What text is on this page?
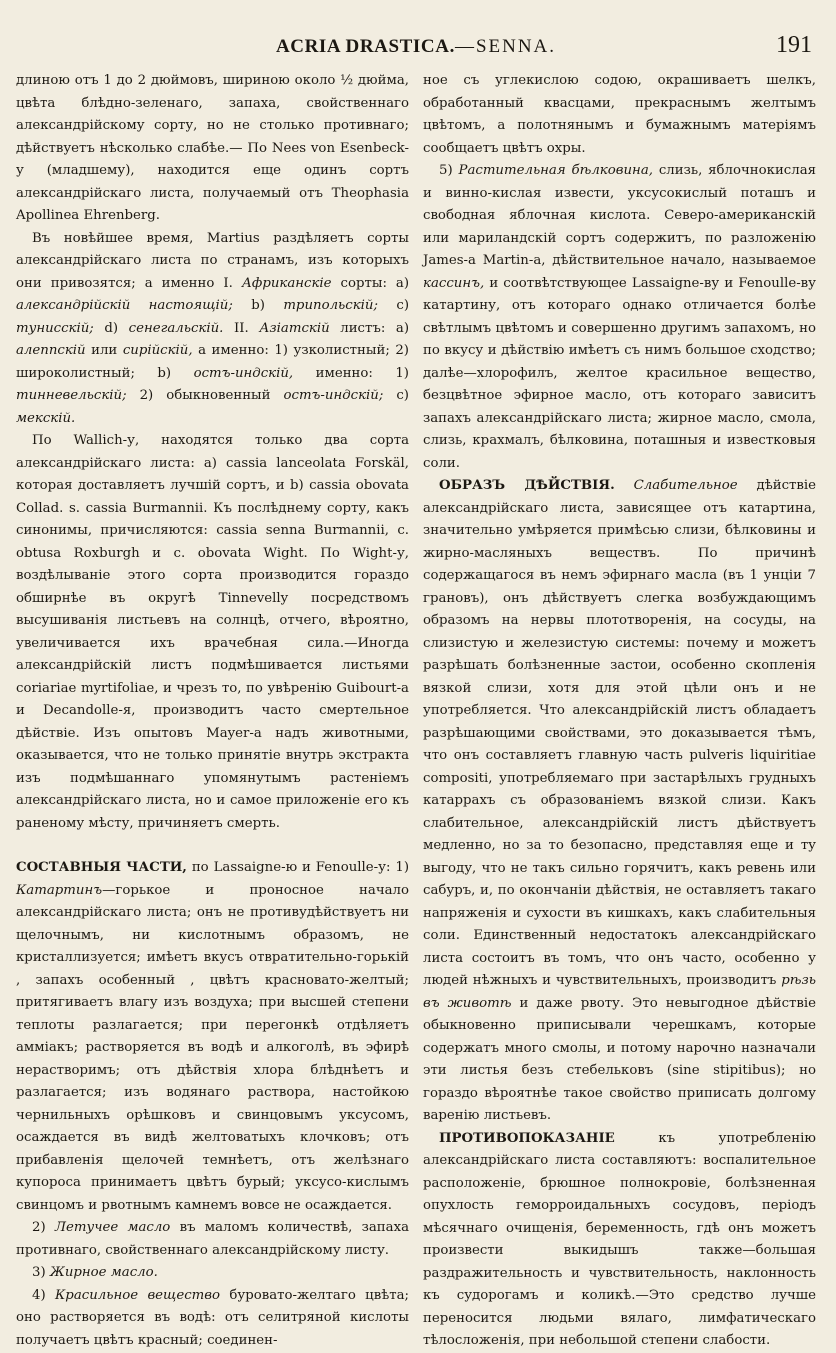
ACRIA DRASTICA.—SENNA.	191

длиною отъ 1 до 2 дюймовъ, шириною около ½ дюйма, цвѣта блѣдно-зеленаго, запаха, свойственнаго александрійскому сорту, но не столько противнаго; дѣйствуетъ нѣсколько слабѣе.— По Nees von Esenbeck-у (младшему), находится еще одинъ сортъ александрійскаго листа, получаемый отъ Theophasia Apollinea Ehrenberg.

Въ новѣйшее время, Martius раздѣляетъ сорты александрійскаго листа по странамъ, изъ которыхъ они привозятся; а именно I. Африканскіе сорты: a) александрійскій настоящій; b) трипольскій; c) тунисскій; d) сенегальскій. II. Азіатскій листъ: a) алеппскій или сирійскій, а именно: 1) узколистный; 2) широколистный; b) остъ-индскій, именно: 1) тинневельскій; 2) обыкновенный остъ-индскій; c) мекскій.

По Wallich-у, находятся только два сорта александрійскаго листа: a) cassia lanceolata Forskäl, которая доставляетъ лучшій сортъ, и b) cassia obovata Collad. s. cassia Burmannii. Къ послѣднему сорту, какъ синонимы, причисляются: cassia senna Burmannii, c. obtusa Roxburgh и c. obovata Wight. По Wight-у, воздѣлываніе этого сорта производится гораздо обширнѣе въ округѣ Tinnevelly посредствомъ высушиванія листьевъ на солнцѣ, отчего, вѣроятно, увеличивается ихъ врачебная сила.—Иногда александрійскій листъ подмѣшивается листьями coriariae myrtifoliae, и чрезъ то, по увѣренію Guibourt-а и Decandolle-я, производитъ часто смертельное дѣйствіе. Изъ опытовъ Mayer-а надъ животными, оказывается, что не только принятіе внутрь экстракта изъ подмѣшаннаго упомянутымъ растеніемъ александрійскаго листа, но и самое приложеніе его къ раненому мѣсту, причиняетъ смерть.

СОСТАВНЫЯ ЧАСТИ, по Lassaigne-ю и Fenoulle-у: 1) Катартинъ—горькое и проносное начало александрійскаго листа; онъ не противудѣйствуетъ ни щелочнымъ, ни кислотнымъ образомъ, не кристаллизуется; имѣетъ вкусъ отвратительно-горькій , запахъ особенный , цвѣтъ красновато-желтый; притягиваетъ влагу изъ воздуха; при высшей степени теплоты разлагается; при перегонкѣ отдѣляетъ аммiакъ; растворяется въ водѣ и алкоголѣ, въ эфирѣ нерастворимъ; отъ дѣйствія хлора блѣднѣетъ и разлагается; изъ водянаго раствора, настойкою чернильныхъ орѣшковъ и свинцовымъ уксусомъ, осаждается въ видѣ желтоватыхъ клочковъ; отъ прибавленія щелочей темнѣетъ, отъ желѣзнаго купороса принимаетъ цвѣтъ бурый; уксусо-кислымъ свинцомъ и рвотнымъ камнемъ вовсе не осаждается.

2) Летучее масло въ маломъ количествѣ, запаха противнаго, свойственнаго александрійскому листу.

3) Жирное масло.

4) Красильное вещество буровато-желтаго цвѣта; оно растворяется въ водѣ: отъ селитряной кислоты получаетъ цвѣтъ красный; соединен-

ное съ углекислою содою, окрашиваетъ шелкъ, обработанный квасцами, прекраснымъ желтымъ цвѣтомъ, а полотнянымъ и бумажнымъ матеріямъ сообщаетъ цвѣтъ охры.

5) Растительная бѣлковина, слизь, яблочнокислая и винно-кислая извести, уксусокислый поташъ и свободная яблочная кислота. Северо-американскій или мариландскій сортъ содержитъ, по разложенію James-a Martin-a, дѣйствительное начало, называемое кассинъ, и соотвѣтствующее Lassaigne-ву и Fenoulle-ву катартину, отъ котораго однако отличается болѣе свѣтлымъ цвѣтомъ и совершенно другимъ запахомъ, но по вкусу и дѣйствію имѣетъ съ нимъ большое сходство; далѣе—хлорофилъ, желтое красильное вещество, безцвѣтное эфирное масло, отъ котораго зависитъ запахъ александрійскаго листа; жирное масло, смола, слизь, крахмалъ, бѣлковина, поташныя и известковыя соли.

ОБРАЗЪ ДѢЙСТВІЯ. Слабительное дѣйствіе александрійскаго листа, зависящее отъ катартина, значительно умѣряется примѣсью слизи, бѣлковины и жирно-масляныхъ веществъ. По причинѣ содержащагося въ немъ эфирнаго масла (въ 1 унціи 7 грановъ), онъ дѣйствуетъ слегка возбуждающимъ образомъ на нервы плототворенія, на сосуды, на слизистую и железистую системы: почему и можетъ разрѣшать болѣзненные застои, особенно скопленія вязкой слизи, хотя для этой цѣли онъ и не употребляется. Что александрійскій листъ обладаетъ разрѣшающими свойствами, это доказывается тѣмъ, что онъ составляетъ главную часть pulveris liquiritiae compositi, употребляемаго при застарѣлыхъ грудныхъ катаррахъ съ образованіемъ вязкой слизи. Какъ слабительное, александрійскій листъ дѣйствуетъ медленно, но за то безопасно, представляя еще и ту выгоду, что не такъ сильно горячитъ, какъ ревень или сабуръ, и, по окончаніи дѣйствія, не оставляетъ такаго напряженія и сухости въ кишкахъ, какъ слабительныя соли. Единственный недостатокъ александрійскаго листа состоитъ въ томъ, что онъ часто, особенно у людей нѣжныхъ и чувствительныхъ, производитъ рѣзь въ животѣ и даже рвоту. Это невыгодное дѣйствіе обыкновенно приписывали черешкамъ, которые содержатъ много смолы, и потому нарочно назначали эти листья безъ стебельковъ (sine stipitibus); но гораздо вѣроятнѣе такое свойство приписать долгому варенію листьевъ.

ПРОТИВОПОКАЗАНІЕ	къ употребленію александрійскаго листа составляютъ: воспалительное расположеніе, брюшное полнокровіе, болѣзненная опухлость геморроидальныхъ сосудовъ, періодъ мѣсячнаго очищенія, беременность, гдѣ онъ можетъ произвести выкидышъ также—большая раздражительность и чувствительность, наклонность къ судорогамъ и коликѣ.—Это средство лучше переносится людьми вялаго, лимфатическаго тѣлосложенія, при небольшой степени слабости.
